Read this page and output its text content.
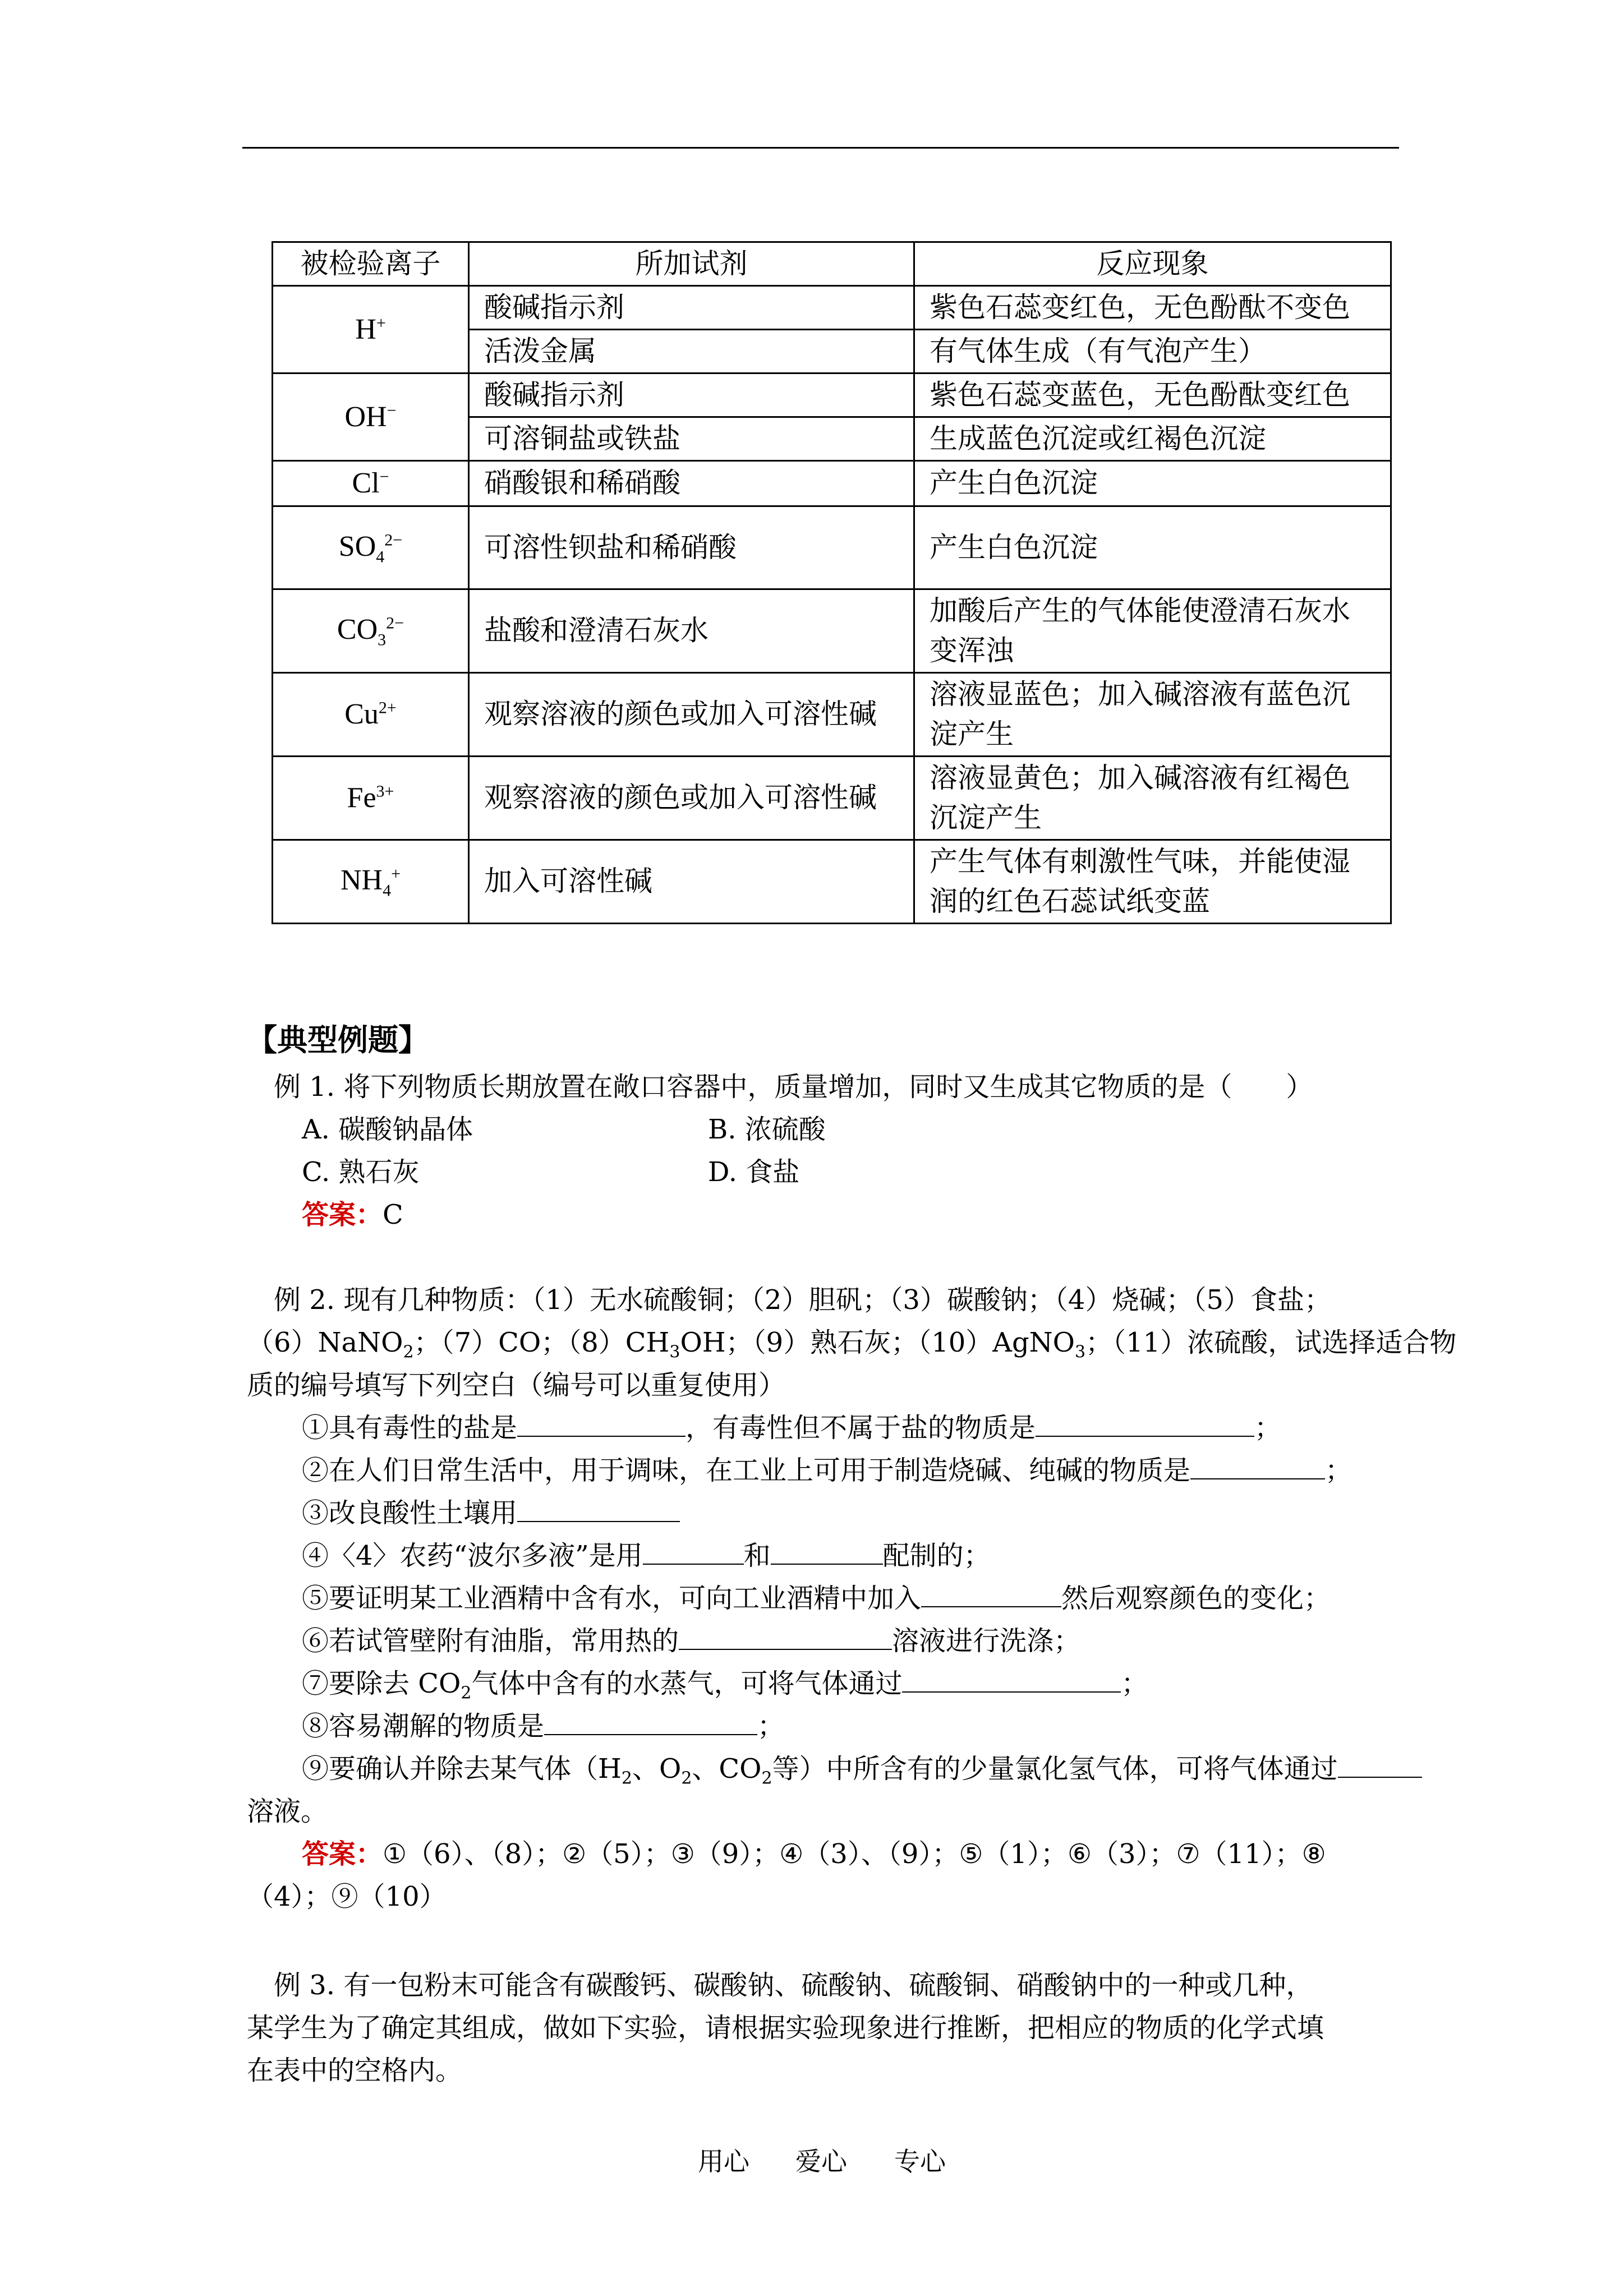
被检验离子	所加试剂	反应现象
H+	酸碱指示剂	紫色石蕊变红色，无色酚酞不变色
	活泼金属	有气体生成（有气泡产生）
OH−	酸碱指示剂	紫色石蕊变蓝色，无色酚酞变红色
	可溶铜盐或铁盐	生成蓝色沉淀或红褐色沉淀
Cl−	硝酸银和稀硝酸	产生白色沉淀
$SO_4^{2-}$	可溶性钡盐和稀硝酸	产生白色沉淀
$CO_3^{2-}$	盐酸和澄清石灰水	加酸后产生的气体能使澄清石灰水变浑浊
$Cu^{2+}$	观察溶液的颜色或加入可溶性碱	溶液显蓝色；加入碱溶液有蓝色沉淀产生
$Fe^{3+}$	观察溶液的颜色或加入可溶性碱	溶液显黄色；加入碱溶液有红褐色沉淀产生
$NH_4^+$	加入可溶性碱	产生气体有刺激性气味，并能使湿润的红色石蕊试纸变蓝
【典型例题】
例 1. 将下列物质长期放置在敞口容器中，质量增加，同时又生成其它物质的是（　　）
A. 碳酸钠晶体	B. 浓硫酸
C. 熟石灰	D. 食盐
答案：C
例 2. 现有几种物质：（1）无水硫酸铜；（2）胆矾；（3）碳酸钠；（4）烧碱；（5）食盐；
（6）NaNO$_2$；（7）CO；$(8)CH_3OH$；（9）熟石灰；（10）AgNO$_3$；（11）浓硫酸，试选择适合物
质的编号填写下列空白（编号可以重复使用）
①具有毒性的盐是	，有毒性但不属于盐的物质是	；
②在人们日常生活中，用于调味，在工业上可用于制造烧碱、纯碱的物质是	；
③改良酸性土壤用
④〈4〉农药“波尔多液”是用	和	配制的；
⑤要证明某工业酒精中含有水，可向工业酒精中加入	然后观察颜色的变化；
⑥若试管壁附有油脂，常用热的	溶液进行洗涤；
⑦要除去 $CO_2$气体中含有的水蒸气，可将气体通过	；
⑧容易潮解的物质是	；
⑨要确认并除去某气体（$H_2$、$O_2$、$CO_2$等）中所含有的少量氯化氢气体，可将气体通过
溶液。
答案：①（6）、（8）；②（5）；③（9）；④（3）、（9）；⑤（1）；⑥（3）；⑦（11）；⑧
（4）；⑨（10）
例 3. 有一包粉末可能含有碳酸钙、碳酸钠、硫酸钠、硫酸铜、硝酸钠中的一种或几种，
某学生为了确定其组成，做如下实验，请根据实验现象进行推断，把相应的物质的化学式填
在表中的空格内。
用心 爱心 专心
